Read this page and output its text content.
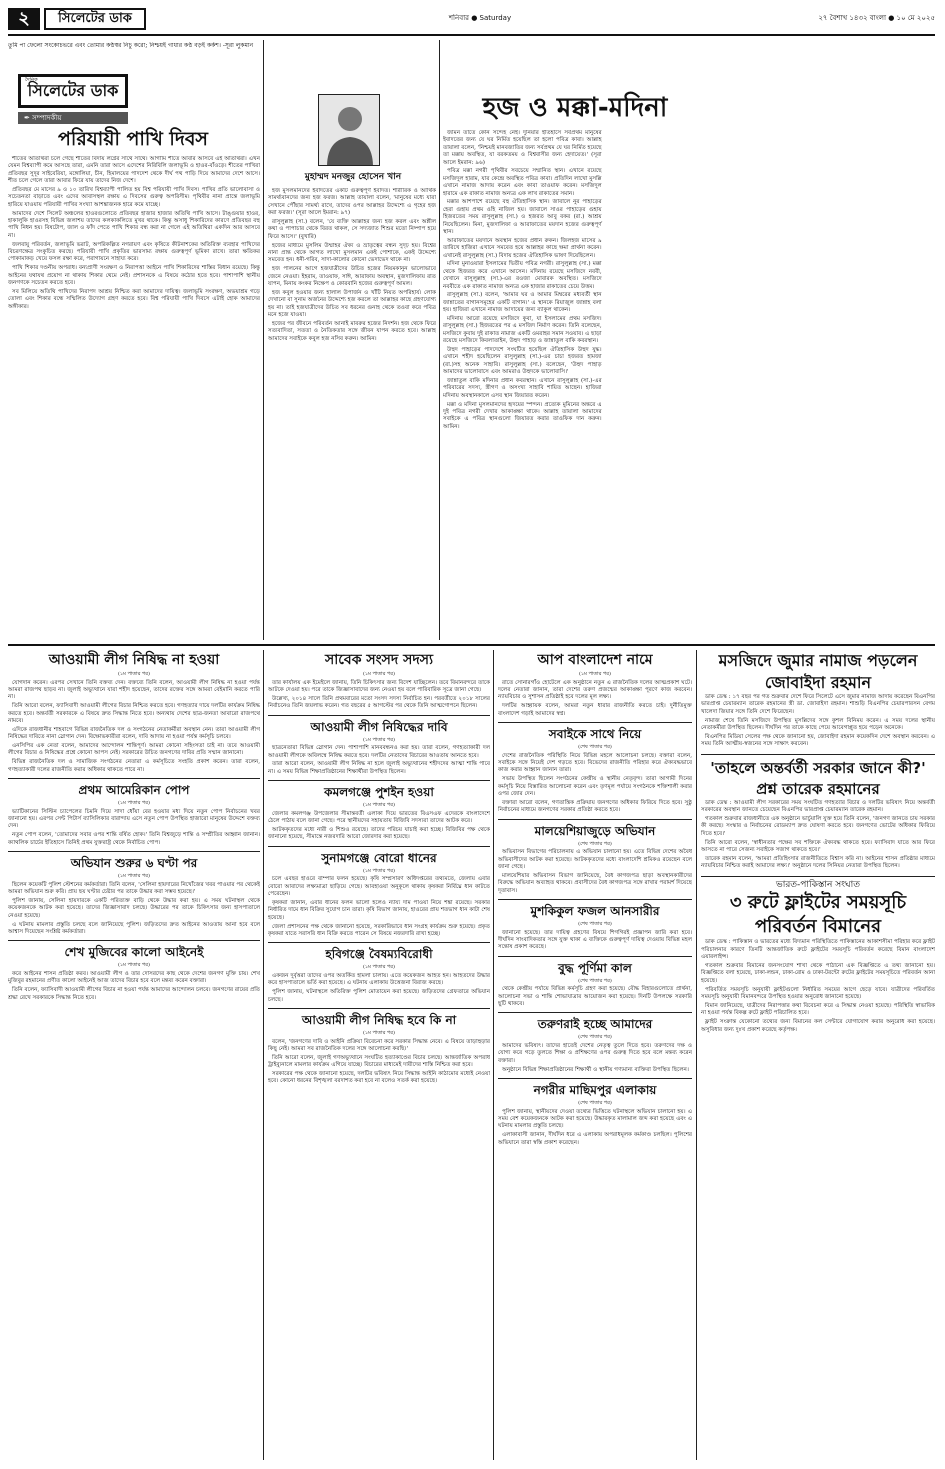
২	সিলেটের ডাক	শনিবার ● Saturday	২৭ বৈশাখ ১৪৩২ বাংলা ● ১০ মে ২০২৫
তুমি পা ফেলো সংকোচভরে এবং তোমার কণ্ঠস্বর নিচু করো; নিশ্চয়ই গাধার কণ্ঠ বড়ই কর্কশ। -সূরা লুকমান
দৈনিক
সিলেটের ডাক
✒ সম্পাদকীয়
পরিযায়ী পাখি দিবস

শীতের অতিথিরা চলে গেছে শীতের বিদায় লগ্নের সাথে সাথে। আগামি শীতে আবার আসবে এই অতিথিরা। এখন যেমন বিশ্বব্যাপী কমে আসছে তারা, এমনি তারা আসে এদেশের নিরিবিলি জলাভূমি ও হাওর-বাঁওড়ে। শীতের পাখিরা প্রতিবছর সুদূর সাইবেরিয়া, মঙ্গোলিয়া, চীন, হিমালয়ের পাদদেশ থেকে দীর্ঘ পথ পাড়ি দিয়ে আমাদের দেশে আসে। শীত চলে গেলে তারা আবার ফিরে যায় তাদের নিজ দেশে।

প্রতিবছর মে মাসের ৯ ও ১০ তারিখ বিশ্বব্যাপী পালিত হয় বিশ্ব পরিযায়ী পাখি দিবস। পাখির প্রতি ভালোবাসা ও সচেতনতা বাড়াতে এবং এদের আবাসস্থল রক্ষায় এ দিবসের গুরুত্ব অপরিসীম। পৃথিবীর নানা প্রান্তে জলাভূমি হারিয়ে যাওয়ায় পরিযায়ী পাখির সংখ্যা আশঙ্কাজনক হারে কমে যাচ্ছে।

আমাদের দেশে সিলেট অঞ্চলের হাওরগুলোতে প্রতিবছর হাজার হাজার অতিথি পাখি আসে। টাঙ্গুয়ার হাওর, হাকালুকি হাওরসহ বিভিন্ন জলাশয় তাদের কলকাকলিতে মুখর থাকে। কিন্তু অসাধু শিকারিদের কারণে প্রতিবছর বহু পাখি নিধন হয়। বিষটোপ, জাল ও ফাঁদ পেতে পাখি শিকার বন্ধ করা না গেলে এই অতিথিরা একদিন আর আসবে না।

জলবায়ু পরিবর্তন, জলাভূমি ভরাট, অপরিকল্পিত নগরায়ণ এবং কৃষিতে কীটনাশকের অতিরিক্ত ব্যবহার পাখিদের বিচরণক্ষেত্র সংকুচিত করছে। পরিযায়ী পাখি প্রকৃতির ভারসাম্য রক্ষায় গুরুত্বপূর্ণ ভূমিকা রাখে। তারা ক্ষতিকর পোকামাকড় খেয়ে ফসল রক্ষা করে, পরাগায়নে সাহায্য করে।

পাখি শিকার দণ্ডনীয় অপরাধ। বন্যপ্রাণী সংরক্ষণ ও নিরাপত্তা আইনে পাখি শিকারিদের শাস্তির বিধান রয়েছে। কিন্তু আইনের যথাযথ প্রয়োগ না থাকায় শিকার থেমে নেই। প্রশাসনকে এ বিষয়ে কঠোর হতে হবে। পাশাপাশি স্থানীয় জনগণকে সচেতন করতে হবে।

সব মিলিয়ে অতিথি পাখিদের নিরাপদ আশ্রয় নিশ্চিত করা আমাদের দায়িত্ব। জলাভূমি সংরক্ষণ, অভয়াশ্রম গড়ে তোলা এবং শিকার বন্ধে সম্মিলিত উদ্যোগ গ্রহণ করতে হবে। বিশ্ব পরিযায়ী পাখি দিবসে এটাই হোক আমাদের অঙ্গীকার।

মুহাম্মদ মনজুর হোসেন খান

হজ মুসলমানদের ইবাদতের একটি গুরুত্বপূর্ণ ইবাদত। শারীরিক ও আর্থিক সামর্থ্যবানদের জন্য হজ ফরজ। আল্লাহ তায়ালা বলেন, 'মানুষের মধ্যে যারা সেখানে পৌঁছার সামর্থ্য রাখে, তাদের ওপর আল্লাহর উদ্দেশ্যে এ গৃহের হজ করা ফরজ।' (সূরা আলে ইমরান: ৯৭)

রাসুলুল্লাহ (সা.) বলেন, 'যে ব্যক্তি আল্লাহর জন্য হজ করল এবং অশ্লীল কথা ও পাপাচার থেকে বিরত থাকল, সে সদ্যজাত শিশুর মতো নিষ্পাপ হয়ে ফিরে আসে।' (বুখারি)

হজের মাধ্যমে মুসলিম উম্মাহর ঐক্য ও ভ্রাতৃত্বের বন্ধন সুদৃঢ় হয়। বিশ্বের নানা প্রান্ত থেকে আগত লাখো মুসলমান একই পোশাকে, একই উদ্দেশ্যে সমবেত হন। ধনী-গরিব, সাদা-কালোর কোনো ভেদাভেদ থাকে না।

হজ পালনের আগে হজযাত্রীদের উচিত হজের নিয়মকানুন ভালোভাবে জেনে নেওয়া। ইহরাম, তাওয়াফ, সাঈ, আরাফায় অবস্থান, মুজদালিফায় রাত যাপন, মিনায় কংকর নিক্ষেপ ও কোরবানি হজের গুরুত্বপূর্ণ আমল।

হজ কবুল হওয়ার জন্য হালাল উপার্জন ও খাঁটি নিয়ত অপরিহার্য। লোক দেখানো বা সুনাম অর্জনের উদ্দেশ্যে হজ করলে তা আল্লাহর কাছে গ্রহণযোগ্য হয় না। তাই হজযাত্রীদের উচিত সব ধরনের গুনাহ থেকে তওবা করে পবিত্র মনে হজে যাওয়া।

হজের পর জীবনে পরিবর্তন আনাই মাবরুর হজের নিদর্শন। হজ থেকে ফিরে সত্যবাদিতা, সততা ও নৈতিকতার সঙ্গে জীবন যাপন করতে হবে। আল্লাহ আমাদের সবাইকে কবুল হজ নসিব করুন। আমিন।

হজ ও মক্কা-মদিনা

জমিন তাতে কোন সন্দেহ নেই। দুনিয়ার ইতিহাসে সর্বপ্রথম মানুষের ইবাদতের জন্য যে ঘর নির্মিত হয়েছিল তা হলো পবিত্র কাবা। আল্লাহ তায়ালা বলেন, 'নিশ্চয়ই মানবজাতির জন্য সর্বপ্রথম যে ঘর নির্মিত হয়েছে তা মক্কায় অবস্থিত, যা বরকতময় ও বিশ্ববাসীর জন্য হেদায়েত।' (সূরা আলে ইমরান: ৯৬)

পবিত্র মক্কা নগরী পৃথিবীর সবচেয়ে সম্মানিত স্থান। এখানে রয়েছে মসজিদুল হারাম, যার কেন্দ্রে অবস্থিত পবিত্র কাবা। প্রতিদিন লাখো মুসল্লি এখানে নামাজ আদায় করেন এবং কাবা তাওয়াফ করেন। মসজিদুল হারামে এক রাকাত নামাজ অন্যত্র এক লাখ রাকাতের সমান।

মক্কার আশপাশে রয়েছে বহু ঐতিহাসিক স্থান। জাবালে নুর পাহাড়ের হেরা গুহায় প্রথম ওহি নাজিল হয়। জাবালে সাওর পাহাড়ের গুহায় হিজরতের সময় রাসুলুল্লাহ (সা.) ও হজরত আবু বকর (রা.) আশ্রয় নিয়েছিলেন। মিনা, মুজদালিফা ও আরাফাতের ময়দান হজের গুরুত্বপূর্ণ স্থান।

আরাফাতের ময়দানে অবস্থান হজের প্রধান রুকন। জিলহজ মাসের ৯ তারিখে হাজিরা এখানে সমবেত হয়ে আল্লাহর কাছে ক্ষমা প্রার্থনা করেন। এখানেই রাসুলুল্লাহ (সা.) বিদায় হজের ঐতিহাসিক ভাষণ দিয়েছিলেন।

মদিনা মুনাওয়ারা ইসলামের দ্বিতীয় পবিত্র নগরী। রাসুলুল্লাহ (সা.) মক্কা থেকে হিজরত করে এখানে আসেন। মদিনায় রয়েছে মসজিদে নববী, যেখানে রাসুলুল্লাহ (সা.)-এর রওজা মোবারক অবস্থিত। মসজিদে নববীতে এক রাকাত নামাজ অন্যত্র এক হাজার রাকাতের চেয়ে উত্তম।

রাসুলুল্লাহ (সা.) বলেন, 'আমার ঘর ও আমার মিম্বরের মধ্যবর্তী স্থান জান্নাতের বাগানসমূহের একটি বাগান।' এ স্থানকে রিয়াজুল জান্নাহ বলা হয়। হাজিরা এখানে নামাজ আদায়ের জন্য ব্যাকুল থাকেন।

মদিনায় আরো রয়েছে মসজিদে কুবা, যা ইসলামের প্রথম মসজিদ। রাসুলুল্লাহ (সা.) হিজরতের পর এ মসজিদ নির্মাণ করেন। তিনি বলেছেন, মসজিদে কুবায় দুই রাকাত নামাজ একটি ওমরাহর সমান সওয়াব। এ ছাড়া রয়েছে মসজিদে কিবলাতাইন, উহুদ পাহাড় ও জান্নাতুল বাকি কবরস্থান।

উহুদ পাহাড়ের পাদদেশে সংঘটিত হয়েছিল ঐতিহাসিক উহুদ যুদ্ধ। এখানে শহীদ হয়েছিলেন রাসুলুল্লাহ (সা.)-এর চাচা হজরত হামজা (রা.)সহ অনেক সাহাবি। রাসুলুল্লাহ (সা.) বলেছেন, 'উহুদ পাহাড় আমাদের ভালোবাসে এবং আমরাও উহুদকে ভালোবাসি।'

জান্নাতুল বাকি মদিনার প্রধান কবরস্থান। এখানে রাসুলুল্লাহ (সা.)-এর পরিবারের সদস্য, স্ত্রীগণ ও অসংখ্য সাহাবি শায়িত আছেন। হাজিরা মদিনায় অবস্থানকালে এসব স্থান জিয়ারত করেন।

মক্কা ও মদিনা মুসলমানদের হৃদয়ের স্পন্দন। প্রত্যেক মুমিনের অন্তরে এ দুই পবিত্র নগরী দেখার আকাঙ্ক্ষা থাকে। আল্লাহ তায়ালা আমাদের সবাইকে এ পবিত্র স্থানগুলো জিয়ারত করার তাওফিক দান করুন। আমিন।

আওয়ামী লীগ নিষিদ্ধ না হওয়া
(১ম পাতার পর)

যোগদান করেন। এরপর সেখানে তিনি বক্তব্য দেন। বক্তব্যে তিনি বলেন, আওয়ামী লীগ নিষিদ্ধ না হওয়া পর্যন্ত আমরা রাজপথ ছাড়ব না। জুলাই অভ্যুত্থানে যারা শহীদ হয়েছেন, তাদের রক্তের সঙ্গে আমরা বেইমানি করতে পারি না।

তিনি আরো বলেন, ফ্যাসিবাদী আওয়ামী লীগের বিচার নিশ্চিত করতে হবে। গণহত্যার দায়ে দলটির কার্যক্রম নিষিদ্ধ করতে হবে। অন্তর্বর্তী সরকারকে এ বিষয়ে দ্রুত সিদ্ধান্ত নিতে হবে। অন্যথায় দেশের ছাত্র-জনতা আবারো রাজপথে নামবে।

এদিকে রাজধানীর শাহবাগে বিভিন্ন রাজনৈতিক দল ও সংগঠনের নেতাকর্মীরা অবস্থান নেন। তারা আওয়ামী লীগ নিষিদ্ধের দাবিতে নানা স্লোগান দেন। বিক্ষোভকারীরা বলেন, দাবি আদায় না হওয়া পর্যন্ত কর্মসূচি চলবে।

এনসিপির এক নেতা বলেন, আমাদের আন্দোলন শান্তিপূর্ণ। আমরা কোনো সহিংসতা চাই না। তবে আওয়ামী লীগের বিচার ও নিষিদ্ধের প্রশ্নে কোনো আপস নেই। সরকারের উচিত জনগণের দাবির প্রতি সম্মান জানানো।

বিভিন্ন রাজনৈতিক দল ও সামাজিক সংগঠনের নেতারা এ কর্মসূচিতে সংহতি প্রকাশ করেন। তারা বলেন, গণহত্যাকারী দলের রাজনীতি করার অধিকার থাকতে পারে না।

প্রথম আমেরিকান পোপ
(১ম পাতার পর)

ভ্যাটিকানের সিস্টিন চ্যাপেলের চিমনি দিয়ে সাদা ধোঁয়া বের হওয়ার মধ্য দিয়ে নতুন পোপ নির্বাচনের খবর জানানো হয়। এরপর সেন্ট পিটার্স ব্যাসিলিকার বারান্দায় এসে নতুন পোপ উপস্থিত হাজারো মানুষের উদ্দেশে বক্তব্য দেন।

নতুন পোপ বলেন, 'তোমাদের সবার ওপর শান্তি বর্ষিত হোক।' তিনি বিশ্বজুড়ে শান্তি ও সম্প্রীতির আহ্বান জানান। ক্যাথলিক চার্চের ইতিহাসে তিনিই প্রথম যুক্তরাষ্ট্র থেকে নির্বাচিত পোপ।

অভিযান শুরুর ৬ ঘণ্টা পর
(১ম পাতার পর)

ছিলেন কয়েকটি পুলিশ স্টেশনের কর্মকর্তারা। তিনি বলেন, 'সেলিনা হায়দারের নিখোঁজের খবর পাওয়ার পর থেকেই আমরা অভিযান শুরু করি। প্রায় ছয় ঘণ্টার চেষ্টার পর তাকে উদ্ধার করা সম্ভব হয়েছে।'

পুলিশ জানায়, সেলিনা হায়দারকে একটি পরিত্যক্ত বাড়ি থেকে উদ্ধার করা হয়। এ সময় ঘটনাস্থল থেকে কয়েকজনকে আটক করা হয়েছে। তাদের জিজ্ঞাসাবাদ চলছে। উদ্ধারের পর তাকে চিকিৎসার জন্য হাসপাতালে নেওয়া হয়েছে।

এ ঘটনায় মামলার প্রস্তুতি চলছে বলে জানিয়েছে পুলিশ। জড়িতদের দ্রুত আইনের আওতায় আনা হবে বলে আশ্বাস দিয়েছেন সংশ্লিষ্ট কর্মকর্তারা।

শেখ মুজিবের কালো আইনেই
(১ম পাতার পর)

করে আইনের শাসন প্রতিষ্ঠা করব। আওয়ামী লীগ ও তার দোসরদের কাছ থেকে দেশের জনগণ মুক্তি চায়। শেখ মুজিবুর রহমানের প্রণীত কালো আইনেই আজ তাদের বিচার হবে বলে মন্তব্য করেন বক্তারা।

তিনি বলেন, ফ্যাসিবাদী আওয়ামী লীগের বিচার না হওয়া পর্যন্ত আমাদের আন্দোলন চলবে। জনগণের রায়ের প্রতি শ্রদ্ধা রেখে সরকারকে সিদ্ধান্ত নিতে হবে।

সাবেক সংসদ সদস্য
(১ম পাতার পর)

তার কার্যালয় এক ইমেইলে জানায়, তিনি চিকিৎসার জন্য বিদেশ যাচ্ছিলেন। তবে বিমানবন্দরে তাকে আটকে দেওয়া হয়। পরে তাকে জিজ্ঞাসাবাদের জন্য নেওয়া হয় বলে পারিবারিক সূত্রে জানা গেছে।

উল্লেখ্য, ২০১৪ সালে তিনি প্রথমবারের মতো সংসদ সদস্য নির্বাচিত হন। পরবর্তীতে ২০১৮ সালের নির্বাচনেও তিনি জয়লাভ করেন। গত বছরের ৫ আগস্টের পর থেকে তিনি আত্মগোপনে ছিলেন।

আওয়ামী লীগ নিষিদ্ধের দাবি
(১ম পাতার পর)

ছাত্রনেতারা বিভিন্ন স্লোগান দেন। পাশাপাশি মানববন্ধনও করা হয়। তারা বলেন, গণহত্যাকারী দল আওয়ামী লীগকে অবিলম্বে নিষিদ্ধ করতে হবে। দলটির নেতাদের বিচারের আওতায় আনতে হবে।

তারা আরো বলেন, আওয়ামী লীগ নিষিদ্ধ না হলে জুলাই অভ্যুত্থানের শহীদদের আত্মা শান্তি পাবে না। এ সময় বিভিন্ন শিক্ষাপ্রতিষ্ঠানের শিক্ষার্থীরা উপস্থিত ছিলেন।

কমলগঞ্জে পুশইন হওয়া
(১ম পাতার পর)

জেলার কমলগঞ্জ উপজেলার সীমান্তবর্তী এলাকা দিয়ে ভারতের বিএসএফ এদেরকে বাংলাদেশে ঠেলে পাঠায় বলে জানা গেছে। পরে স্থানীয়দের সহায়তায় বিজিবি সদস্যরা তাদের আটক করে।

আটককৃতদের মধ্যে নারী ও শিশুও রয়েছে। তাদের পরিচয় যাচাই করা হচ্ছে। বিজিবির পক্ষ থেকে জানানো হয়েছে, সীমান্তে নজরদারি আরো জোরদার করা হয়েছে।

সুনামগঞ্জে বোরো ধানের
(১ম পাতার পর)

চলে এবছর হাওরে বাম্পার ফলন হয়েছে। কৃষি সম্প্রসারণ অধিদপ্তরের তথ্যমতে, জেলায় এবার বোরো আবাদের লক্ষ্যমাত্রা ছাড়িয়ে গেছে। আবহাওয়া অনুকূলে থাকায় কৃষকরা নির্বিঘ্নে ধান কাটতে পেরেছেন।

কৃষকরা জানান, এবার ধানের ফলন ভালো হলেও ন্যায্য দাম পাওয়া নিয়ে শঙ্কা রয়েছে। সরকার নির্ধারিত দামে ধান বিক্রির সুযোগ চান তারা। কৃষি বিভাগ জানায়, হাওরের প্রায় শতভাগ ধান কাটা শেষ হয়েছে।

জেলা প্রশাসনের পক্ষ থেকে জানানো হয়েছে, সরকারিভাবে ধান সংগ্রহ কার্যক্রম শুরু হয়েছে। প্রকৃত কৃষকরা যাতে সরাসরি ধান বিক্রি করতে পারেন সে বিষয়ে নজরদারি রাখা হচ্ছে।

হবিগঞ্জে বৈষম্যবিরোধী
(১ম পাতার পর)

একজন দুর্বৃত্তরা তাদের ওপর অতর্কিত হামলা চালায়। এতে কয়েকজন আহত হন। আহতদের উদ্ধার করে হাসপাতালে ভর্তি করা হয়েছে। এ ঘটনায় এলাকায় উত্তেজনা বিরাজ করছে।

পুলিশ জানায়, ঘটনাস্থলে অতিরিক্ত পুলিশ মোতায়েন করা হয়েছে। জড়িতদের গ্রেফতারে অভিযান চলছে।

আওয়ামী লীগ নিষিদ্ধ হবে কি না
(১ম পাতার পর)

বলেন, 'জনগণের দাবি ও আইনি প্রক্রিয়া বিবেচনা করে সরকার সিদ্ধান্ত নেবে। এ বিষয়ে তাড়াহুড়ার কিছু নেই। আমরা সব রাজনৈতিক দলের সঙ্গে আলোচনা করছি।'

তিনি আরো বলেন, জুলাই গণঅভ্যুত্থানে সংঘটিত হত্যাকাণ্ডের বিচার চলছে। আন্তর্জাতিক অপরাধ ট্রাইব্যুনালে মামলার কার্যক্রম এগিয়ে যাচ্ছে। বিচারের মাধ্যমেই দায়ীদের শাস্তি নিশ্চিত করা হবে।

সরকারের পক্ষ থেকে জানানো হয়েছে, দলটির ভবিষ্যৎ নিয়ে সিদ্ধান্ত আইনি কাঠামোর মধ্যেই নেওয়া হবে। কোনো ধরনের বিশৃঙ্খলা বরদাশত করা হবে না বলেও সতর্ক করা হয়েছে।

আপ বাংলাদেশ নামে
(১ম পাতার পর)

রাতে সোনারগাঁও হোটেলে এক অনুষ্ঠানে নতুন এ রাজনৈতিক দলের আত্মপ্রকাশ ঘটে। দলের নেতারা জানান, তারা দেশের তরুণ প্রজন্মের আকাঙ্ক্ষা পূরণে কাজ করবেন। ন্যায়বিচার ও সুশাসন প্রতিষ্ঠাই হবে দলের মূল লক্ষ্য।

দলটির আহ্বায়ক বলেন, আমরা নতুন ধারার রাজনীতি করতে চাই। দুর্নীতিমুক্ত বাংলাদেশ গড়াই আমাদের স্বপ্ন।

সবাইকে সাথে নিয়ে
(শেষ পাতার পর)

দেশের রাজনৈতিক পরিস্থিতি নিয়ে বিভিন্ন মহলে আলোচনা চলছে। বক্তারা বলেন, সবাইকে সঙ্গে নিয়েই দেশ গড়তে হবে। বিভেদের রাজনীতি পরিহার করে ঐক্যবদ্ধভাবে কাজ করার আহ্বান জানান তারা।

সভায় উপস্থিত ছিলেন সংগঠনের কেন্দ্রীয় ও স্থানীয় নেতৃবৃন্দ। তারা আগামী দিনের কর্মসূচি নিয়ে বিস্তারিত আলোচনা করেন এবং তৃণমূল পর্যায়ে সংগঠনকে শক্তিশালী করার ওপর জোর দেন।

বক্তারা আরো বলেন, গণতান্ত্রিক প্রক্রিয়ায় জনগণের অধিকার ফিরিয়ে দিতে হবে। সুষ্ঠু নির্বাচনের মাধ্যমে জনগণের সরকার প্রতিষ্ঠা করতে হবে।

মালয়েশিয়াজুড়ে অভিযান
(শেষ পাতার পর)

অভিবাসন বিভাগের পরিচালনায় এ অভিযান চালানো হয়। এতে বিভিন্ন দেশের অবৈধ অভিবাসীদের আটক করা হয়েছে। আটককৃতদের মধ্যে বাংলাদেশি শ্রমিকও রয়েছেন বলে জানা গেছে।

মালয়েশিয়ার অভিবাসন বিভাগ জানিয়েছে, বৈধ কাগজপত্র ছাড়া অবস্থানকারীদের বিরুদ্ধে অভিযান অব্যাহত থাকবে। প্রবাসীদের বৈধ কাগজপত্র সঙ্গে রাখার পরামর্শ দিয়েছে দূতাবাস।

মুশকিকুল ফজল আনসারীর
(শেষ পাতার পর)

জানানো হয়েছে। তার দায়িত্ব গ্রহণের বিষয়ে শিগগিরই প্রজ্ঞাপন জারি করা হবে। দীর্ঘদিন সাংবাদিকতার সঙ্গে যুক্ত থাকা এ ব্যক্তিকে গুরুত্বপূর্ণ দায়িত্ব দেওয়ায় বিভিন্ন মহল সন্তোষ প্রকাশ করেছে।

বুদ্ধ পূর্ণিমা কাল
(শেষ পাতার পর)

থেকে কেন্দ্রীয় পর্যায়ে বিভিন্ন কর্মসূচি গ্রহণ করা হয়েছে। বৌদ্ধ বিহারগুলোতে প্রার্থনা, আলোচনা সভা ও শান্তি শোভাযাত্রার আয়োজন করা হয়েছে। দিনটি উপলক্ষে সরকারি ছুটি থাকবে।

তরুণরাই হচ্ছে আমাদের
(শেষ পাতার পর)

আমাদের ভবিষ্যৎ। তাদের হাতেই দেশের নেতৃত্ব তুলে দিতে হবে। তরুণদের দক্ষ ও যোগ্য করে গড়ে তুলতে শিক্ষা ও প্রশিক্ষণের ওপর গুরুত্ব দিতে হবে বলে মন্তব্য করেন বক্তারা।

অনুষ্ঠানে বিভিন্ন শিক্ষাপ্রতিষ্ঠানের শিক্ষার্থী ও স্থানীয় গণ্যমান্য ব্যক্তিরা উপস্থিত ছিলেন।

নগরীর মাছিমপুর এলাকায়
(শেষ পাতার পর)

পুলিশ জানায়, স্থানীয়দের দেওয়া তথ্যের ভিত্তিতে ঘটনাস্থলে অভিযান চালানো হয়। এ সময় বেশ কয়েকজনকে আটক করা হয়েছে। উদ্ধারকৃত মালামাল জব্দ করা হয়েছে এবং এ ঘটনায় মামলার প্রস্তুতি চলছে।

এলাকাবাসী জানান, দীর্ঘদিন ধরে এ এলাকায় অপরাধমূলক কর্মকাণ্ড চলছিল। পুলিশের অভিযানে তারা স্বস্তি প্রকাশ করেছেন।

মসজিদে জুমার নামাজ পড়লেন জোবাইদা রহমান

ডাক ডেস্ক : ১৭ বছর পর গত শুক্রবার দেশে ফিরে সিলেটে এসে জুমার নামাজ আদায় করেছেন বিএনপির ভারপ্রাপ্ত চেয়ারম্যান তারেক রহমানের স্ত্রী ডা. জোবাইদা রহমান। শাশুড়ি বিএনপির চেয়ারপারসন বেগম খালেদা জিয়ার সঙ্গে তিনি দেশে ফিরেছেন।

নামাজ শেষে তিনি মসজিদে উপস্থিত মুসল্লিদের সঙ্গে কুশল বিনিময় করেন। এ সময় দলের স্থানীয় নেতাকর্মীরা উপস্থিত ছিলেন। দীর্ঘদিন পর তাকে কাছে পেয়ে আবেগাপ্লুত হয়ে পড়েন অনেকে।

বিএনপির মিডিয়া সেলের পক্ষ থেকে জানানো হয়, জোবাইদা রহমান কয়েকদিন দেশে অবস্থান করবেন। এ সময় তিনি আত্মীয়-স্বজনের সঙ্গে সাক্ষাৎ করবেন।

'তাহলে অন্তর্বর্তী সরকার জানে কী?' প্রশ্ন তারেক রহমানের

ডাক ডেস্ক : আওয়ামী লীগ সরকারের সময় সংঘটিত গণহত্যার বিচার ও দলটির ভবিষ্যৎ নিয়ে অন্তর্বর্তী সরকারের অবস্থান জানতে চেয়েছেন বিএনপির ভারপ্রাপ্ত চেয়ারম্যান তারেক রহমান।

গতকাল শুক্রবার রাজধানীতে এক অনুষ্ঠানে ভার্চুয়ালি যুক্ত হয়ে তিনি বলেন, 'জনগণ জানতে চায় সরকার কী করছে। সংস্কার ও নির্বাচনের রোডম্যাপ দ্রুত ঘোষণা করতে হবে। জনগণের ভোটের অধিকার ফিরিয়ে দিতে হবে।'

তিনি আরো বলেন, 'স্বাধীনতার পক্ষের সব শক্তিকে ঐক্যবদ্ধ থাকতে হবে। ফ্যাসিবাদ যাতে আর ফিরে আসতে না পারে সেজন্য সবাইকে সজাগ থাকতে হবে।'

তারেক রহমান বলেন, 'আমরা প্রতিহিংসার রাজনীতিতে বিশ্বাস করি না। আইনের শাসন প্রতিষ্ঠার মাধ্যমে ন্যায়বিচার নিশ্চিত করাই আমাদের লক্ষ্য।' অনুষ্ঠানে দলের সিনিয়র নেতারা উপস্থিত ছিলেন।

ভারত-পাকিস্তান সংঘাত
৩ রুটে ফ্লাইটের সময়সূচি পরিবর্তন বিমানের

ডাক ডেস্ক : পাকিস্তান ও ভারতের মধ্যে বিদ্যমান পরিস্থিতিতে পাকিস্তানের আকাশসীমা পরিহার করে ফ্লাইট পরিচালনার কারণে তিনটি আন্তর্জাতিক রুটে ফ্লাইটের সময়সূচি পরিবর্তন করেছে বিমান বাংলাদেশ এয়ারলাইন্স।

গতকাল শুক্রবার বিমানের জনসংযোগ শাখা থেকে পাঠানো এক বিজ্ঞপ্তিতে এ তথ্য জানানো হয়। বিজ্ঞপ্তিতে বলা হয়েছে, ঢাকা-লন্ডন, ঢাকা-রোম ও ঢাকা-টরন্টো রুটের ফ্লাইটের সময়সূচিতে পরিবর্তন আনা হয়েছে।

পরিবর্তিত সময়সূচি অনুযায়ী ফ্লাইটগুলো নির্ধারিত সময়ের আগে ছেড়ে যাবে। যাত্রীদের পরিবর্তিত সময়সূচি অনুযায়ী বিমানবন্দরে উপস্থিত হওয়ার অনুরোধ জানানো হয়েছে।

বিমান জানিয়েছে, যাত্রীদের নিরাপত্তার কথা বিবেচনা করে এ সিদ্ধান্ত নেওয়া হয়েছে। পরিস্থিতি স্বাভাবিক না হওয়া পর্যন্ত বিকল্প রুটে ফ্লাইট পরিচালিত হবে।

ফ্লাইট সংক্রান্ত যেকোনো তথ্যের জন্য বিমানের কল সেন্টারে যোগাযোগ করার অনুরোধ করা হয়েছে। অসুবিধার জন্য দুঃখ প্রকাশ করেছে কর্তৃপক্ষ।
